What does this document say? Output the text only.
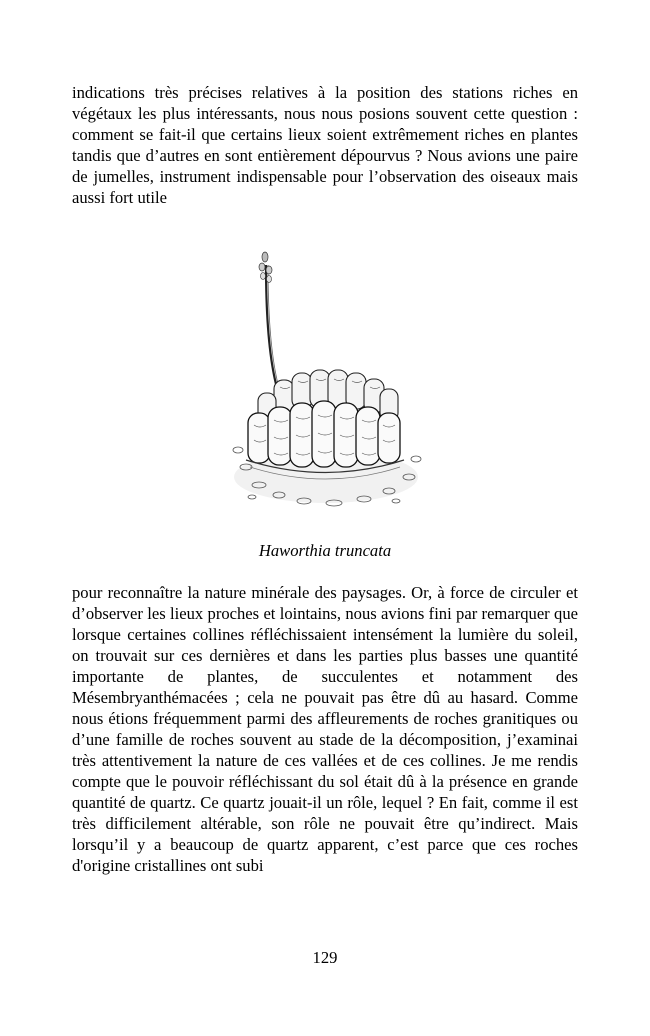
indications très précises relatives à la position des stations riches en végétaux les plus intéressants, nous nous posions souvent cette question : comment se fait-il que certains lieux soient extrêmement riches en plantes tandis que d’autres en sont entièrement dépourvus ? Nous avions une paire de jumelles, instrument indispensable pour l’observation des oiseaux mais aussi fort utile

Haworthia truncata

pour reconnaître la nature minérale des paysages. Or, à force de circuler et d’observer les lieux proches et lointains, nous avions fini par remarquer que lorsque certaines collines réfléchissaient intensément la lumière du soleil, on trouvait sur ces dernières et dans les parties plus basses une quantité importante de plantes, de succulentes et notamment des Mésembryanthémacées ; cela ne pouvait pas être dû au hasard. Comme nous étions fréquemment parmi des affleurements de roches granitiques ou d’une famille de roches souvent au stade de la décomposition, j’examinai très attentivement la nature de ces vallées et de ces collines. Je me rendis compte que le pouvoir réfléchissant du sol était dû à la présence en grande quantité de quartz. Ce quartz jouait-il un rôle, lequel ? En fait, comme il est très difficilement altérable, son rôle ne pouvait être qu’indirect. Mais lorsqu’il y a beaucoup de quartz apparent, c’est parce que ces roches d'origine cristallines ont subi

129
